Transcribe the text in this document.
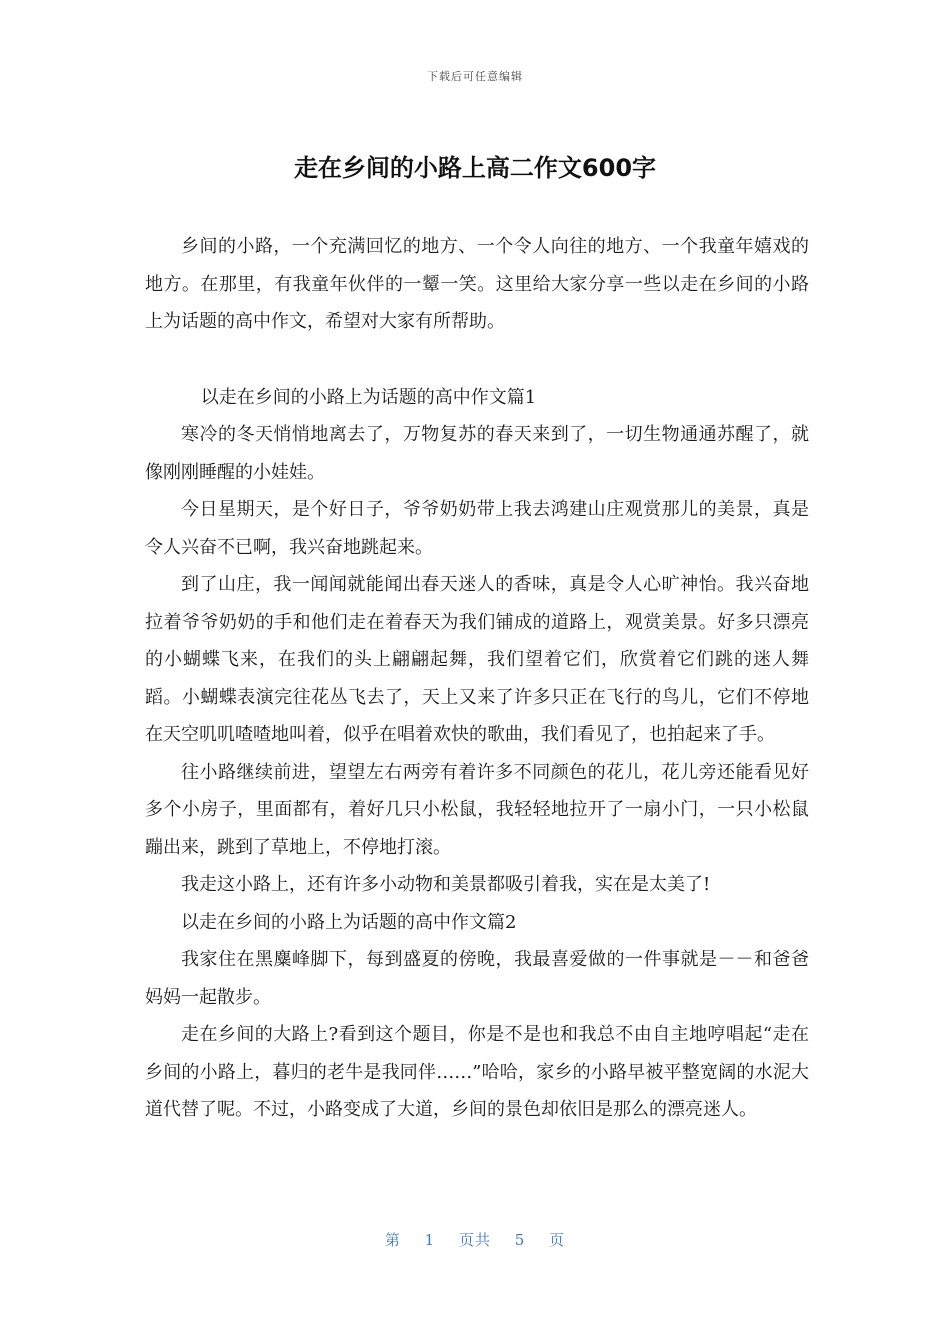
下载后可任意编辑
走在乡间的小路上高二作文600字

乡间的小路，一个充满回忆的地方、一个令人向往的地方、一个我童年嬉戏的地方。在那里，有我童年伙伴的一颦一笑。这里给大家分享一些以走在乡间的小路上为话题的高中作文，希望对大家有所帮助。

以走在乡间的小路上为话题的高中作文篇1

寒冷的冬天悄悄地离去了，万物复苏的春天来到了，一切生物通通苏醒了，就像刚刚睡醒的小娃娃。

今日星期天，是个好日子，爷爷奶奶带上我去鸿建山庄观赏那儿的美景，真是令人兴奋不已啊，我兴奋地跳起来。

到了山庄，我一闻闻就能闻出春天迷人的香味，真是令人心旷神怡。我兴奋地拉着爷爷奶奶的手和他们走在着春天为我们铺成的道路上，观赏美景。好多只漂亮的小蝴蝶飞来，在我们的头上翩翩起舞，我们望着它们，欣赏着它们跳的迷人舞蹈。小蝴蝶表演完往花丛飞去了，天上又来了许多只正在飞行的鸟儿，它们不停地在天空叽叽喳喳地叫着，似乎在唱着欢快的歌曲，我们看见了，也拍起来了手。

往小路继续前进，望望左右两旁有着许多不同颜色的花儿，花儿旁还能看见好多个小房子，里面都有，着好几只小松鼠，我轻轻地拉开了一扇小门，一只小松鼠蹦出来，跳到了草地上，不停地打滚。

我走这小路上，还有许多小动物和美景都吸引着我，实在是太美了!

以走在乡间的小路上为话题的高中作文篇2

我家住在黑麋峰脚下，每到盛夏的傍晚，我最喜爱做的一件事就是－－和爸爸妈妈一起散步。

走在乡间的大路上?看到这个题目，你是不是也和我总不由自主地哼唱起“走在乡间的小路上，暮归的老牛是我同伴……”哈哈，家乡的小路早被平整宽阔的水泥大道代替了呢。不过，小路变成了大道，乡间的景色却依旧是那么的漂亮迷人。

第 1 页共 5 页
